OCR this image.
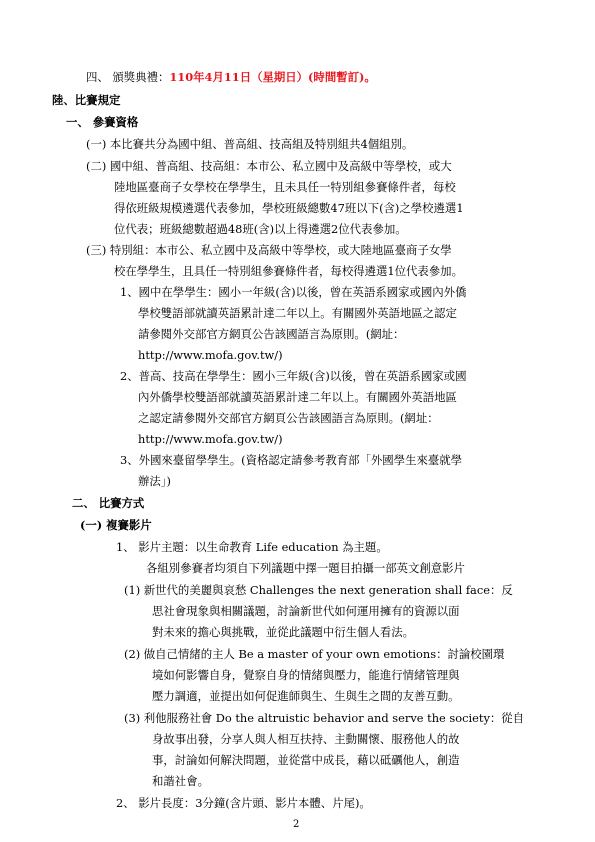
四、 頒獎典禮：110年4月11日（星期日）(時間暫訂)。
陸、比賽規定
一、 參賽資格
(一) 本比賽共分為國中組、普高組、技高組及特別組共4個組別。
(二) 國中組、普高組、技高組：本市公、私立國中及高級中等學校，或大
陸地區臺商子女學校在學學生，且未具任一特別組參賽條件者，每校
得依班級規模遴選代表參加，學校班級總數47班以下(含)之學校遴選1
位代表；班級總數超過48班(含)以上得遴選2位代表參加。
(三) 特別組：本市公、私立國中及高級中等學校，或大陸地區臺商子女學
校在學學生，且具任一特別組參賽條件者，每校得遴選1位代表參加。
1、國中在學學生：國小一年級(含)以後，曾在英語系國家或國內外僑
學校雙語部就讀英語累計達二年以上。有關國外英語地區之認定
請參閱外交部官方網頁公告該國語言為原則。(網址：
http://www.mofa.gov.tw/)
2、普高、技高在學學生：國小三年級(含)以後，曾在英語系國家或國
內外僑學校雙語部就讀英語累計達二年以上。有關國外英語地區
之認定請參閱外交部官方網頁公告該國語言為原則。(網址：
http://www.mofa.gov.tw/)
3、外國來臺留學學生。(資格認定請參考教育部「外國學生來臺就學
辦法」)
二、 比賽方式
(一) 複賽影片
1、 影片主題：以生命教育 Life education 為主題。
各組別參賽者均須自下列議題中擇一題目拍攝一部英文創意影片
(1) 新世代的美麗與哀愁 Challenges the next generation shall face：反
思社會現象與相關議題，討論新世代如何運用擁有的資源以面
對未來的擔心與挑戰，並從此議題中衍生個人看法。
(2) 做自己情緒的主人 Be a master of your own emotions：討論校園環
境如何影響自身，覺察自身的情緒與壓力，能進行情緒管理與
壓力調適，並提出如何促進師與生、生與生之間的友善互動。
(3) 利他服務社會 Do the altruistic behavior and serve the society：從自
身故事出發，分享人與人相互扶持、主動關懷、服務他人的故
事，討論如何解決問題，並從當中成長，藉以砥礪他人，創造
和諧社會。
2、 影片長度：3分鐘(含片頭、影片本體、片尾)。
2
